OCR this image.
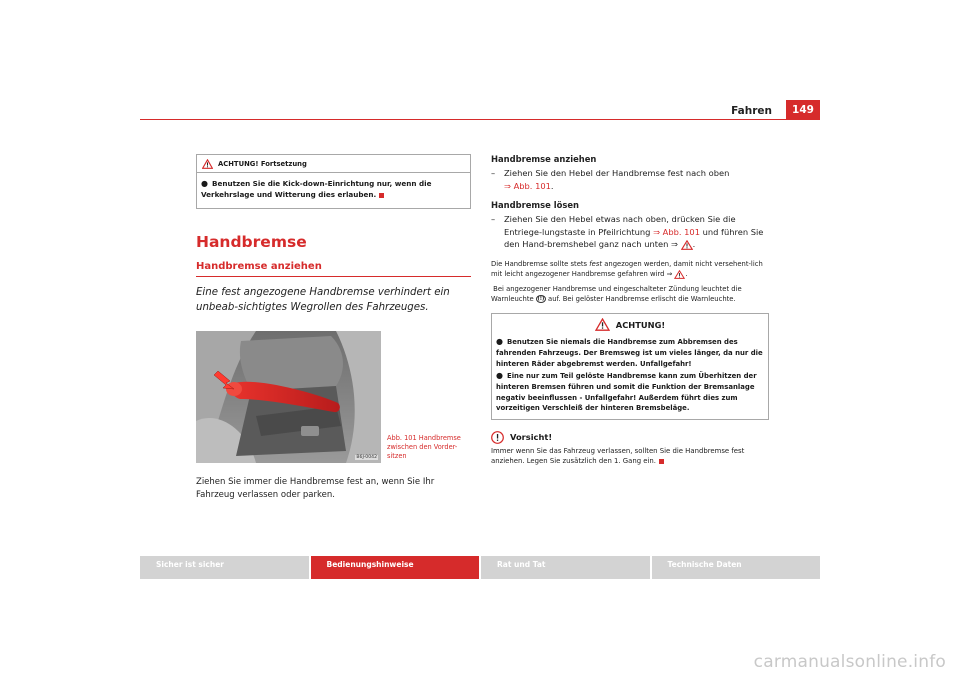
Fahren	149
ACHTUNG! Fortsetzung
● Benutzen Sie die Kick-down-Einrichtung nur, wenn die Verkehrslage und Witterung dies erlauben.
Handbremse
Handbremse anziehen
Eine fest angezogene Handbremse verhindert ein unbeab-sichtigtes Wegrollen des Fahrzeuges.
B6J-0042
Abb. 101 Handbremse zwischen den Vorder-sitzen
Ziehen Sie immer die Handbremse fest an, wenn Sie Ihr Fahrzeug verlassen oder parken.
Handbremse anziehen
–	Ziehen Sie den Hebel der Handbremse fest nach oben
⇒ Abb. 101.
Handbremse lösen
–	Ziehen Sie den Hebel etwas nach oben, drücken Sie die Entriege-lungstaste in Pfeilrichtung ⇒ Abb. 101 und führen Sie den Hand-bremshebel ganz nach unten ⇒ .
Die Handbremse sollte stets fest angezogen werden, damit nicht versehent-lich mit leicht angezogener Handbremse gefahren wird ⇒ .
Bei angezogener Handbremse und eingeschalteter Zündung leuchtet die Warnleuchte (!) auf. Bei gelöster Handbremse erlischt die Warnleuchte.
ACHTUNG!

● Benutzen Sie niemals die Handbremse zum Abbremsen des fahrenden Fahrzeugs. Der Bremsweg ist um vieles länger, da nur die hinteren Räder abgebremst werden. Unfallgefahr!

● Eine nur zum Teil gelöste Handbremse kann zum Überhitzen der hinteren Bremsen führen und somit die Funktion der Bremsanlage negativ beeinflussen - Unfallgefahr! Außerdem führt dies zum vorzeitigen Verschleiß der hinteren Bremsbeläge.

Vorsicht!
Immer wenn Sie das Fahrzeug verlassen, sollten Sie die Handbremse fest anziehen. Legen Sie zusätzlich den 1. Gang ein.
Sicher ist sicher	Bedienungshinweise	Rat und Tat	Technische Daten
carmanualsonline.info
